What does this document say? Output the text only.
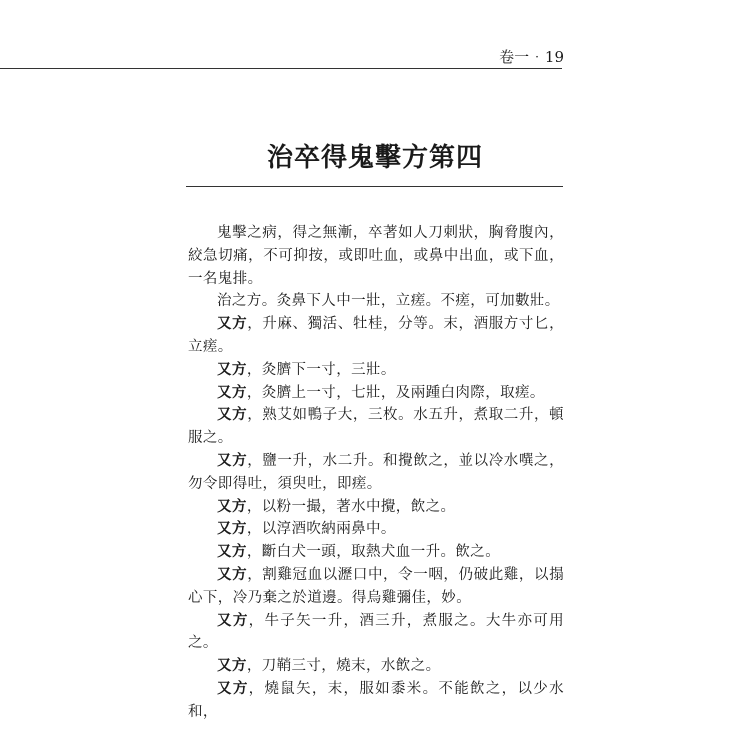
卷一 · 19
治卒得鬼擊方第四

鬼擊之病，得之無漸，卒著如人刀刺狀，胸脅腹內，絞急切痛，不可抑按，或即吐血，或鼻中出血，或下血，一名鬼排。

治之方。灸鼻下人中一壯，立瘥。不瘥，可加數壯。

又方，升麻、獨活、牡桂，分等。末，酒服方寸匕，立瘥。

又方，灸臍下一寸，三壯。

又方，灸臍上一寸，七壯，及兩踵白肉際，取瘥。

又方，熟艾如鴨子大，三枚。水五升，煮取二升，頓服之。

又方，鹽一升，水二升。和攪飲之，並以冷水噀之，勿令即得吐，須臾吐，即瘥。

又方，以粉一撮，著水中攪，飲之。

又方，以淳酒吹納兩鼻中。

又方，斷白犬一頭，取熱犬血一升。飲之。

又方，割雞冠血以瀝口中，令一咽，仍破此雞，以搨心下，冷乃棄之於道邊。得烏雞彌佳，妙。

又方，牛子矢一升，酒三升，煮服之。大牛亦可用之。

又方，刀鞘三寸，燒末，水飲之。

又方，燒鼠矢，末，服如黍米。不能飲之，以少水和，
